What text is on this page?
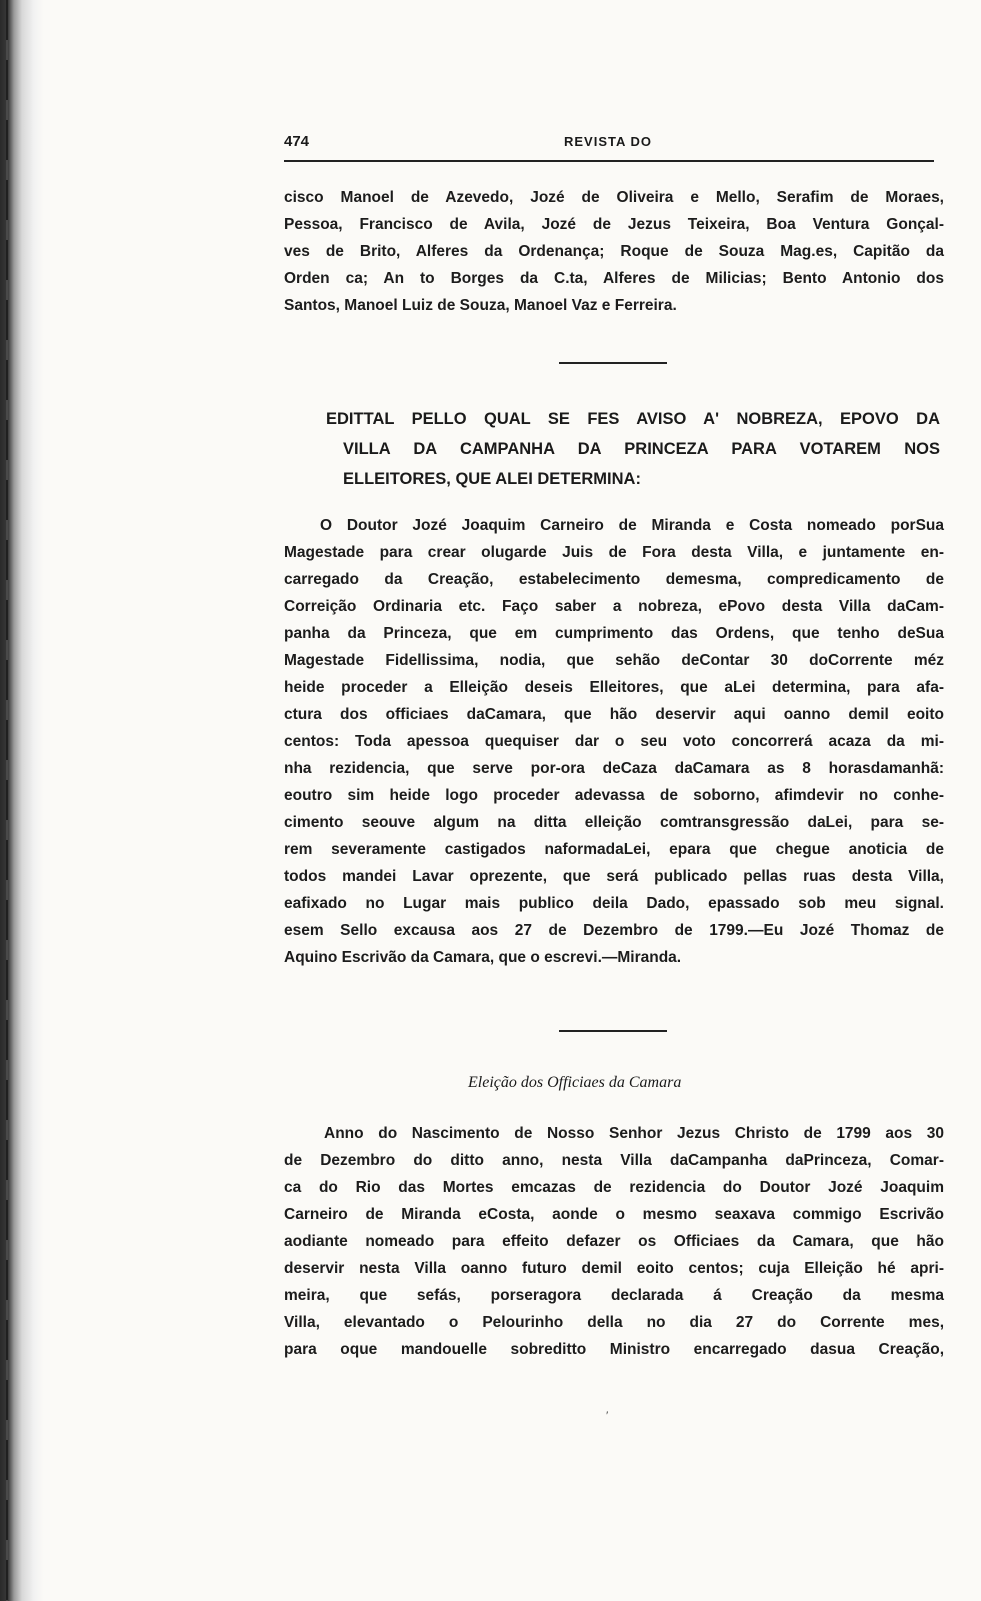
474	REVISTA DO
cisco Manoel de Azevedo, Jozé de Oliveira e Mello, Serafim de Moraes,
Pessoa, Francisco de Avila, Jozé de Jezus Teixeira, Boa Ventura Gonçal-
ves de Brito, Alferes da Ordenança; Roque de Souza Mag.es, Capitão da
Orden ca; An to Borges da C.ta, Alferes de Milicias; Bento Antonio dos
Santos, Manoel Luiz de Souza, Manoel Vaz e Ferreira.
EDITTAL PELLO QUAL SE FES AVISO A' NOBREZA, EPOVO DA
VILLA DA CAMPANHA DA PRINCEZA PARA VOTAREM NOS
ELLEITORES, QUE ALEI DETERMINA:
O Doutor Jozé Joaquim Carneiro de Miranda e Costa nomeado porSua
Magestade para crear olugarde Juis de Fora desta Villa, e juntamente en-
carregado da Creação, estabelecimento demesma, compredicamento de
Correição Ordinaria etc. Faço saber a nobreza, ePovo desta Villa daCam-
panha da Princeza, que em cumprimento das Ordens, que tenho deSua
Magestade Fidellissima, nodia, que sehão deContar 30 doCorrente méz
heide proceder a Elleição deseis Elleitores, que aLei determina, para afa-
ctura dos officiaes daCamara, que hão deservir aqui oanno demil eoito
centos: Toda apessoa quequiser dar o seu voto concorrerá acaza da mi-
nha rezidencia, que serve por-ora deCaza daCamara as 8 horasdamanhã:
eoutro sim heide logo proceder adevassa de soborno, afimdevir no conhe-
cimento seouve algum na ditta elleição comtransgressão daLei, para se-
rem severamente castigados naformadaLei, epara que chegue anoticia de
todos mandei Lavar oprezente, que será publicado pellas ruas desta Villa,
eafixado no Lugar mais publico deila Dado, epassado sob meu signal.
esem Sello excausa aos 27 de Dezembro de 1799.—Eu Jozé Thomaz de
Aquino Escrivão da Camara, que o escrevi.—Miranda.
Eleição dos Officiaes da Camara
Anno do Nascimento de Nosso Senhor Jezus Christo de 1799 aos 30
de Dezembro do ditto anno, nesta Villa daCampanha daPrinceza, Comar-
ca do Rio das Mortes emcazas de rezidencia do Doutor Jozé Joaquim
Carneiro de Miranda eCosta, aonde o mesmo seaxava commigo Escrivão
aodiante nomeado para effeito defazer os Officiaes da Camara, que hão
deservir nesta Villa oanno futuro demil eoito centos; cuja Elleição hé apri-
meira, que sefás, porseragora declarada á Creação da mesma
Villa, elevantado o Pelourinho della no dia 27 do Corrente mes,
para oque mandouelle sobreditto Ministro encarregado dasua Creação,
′
